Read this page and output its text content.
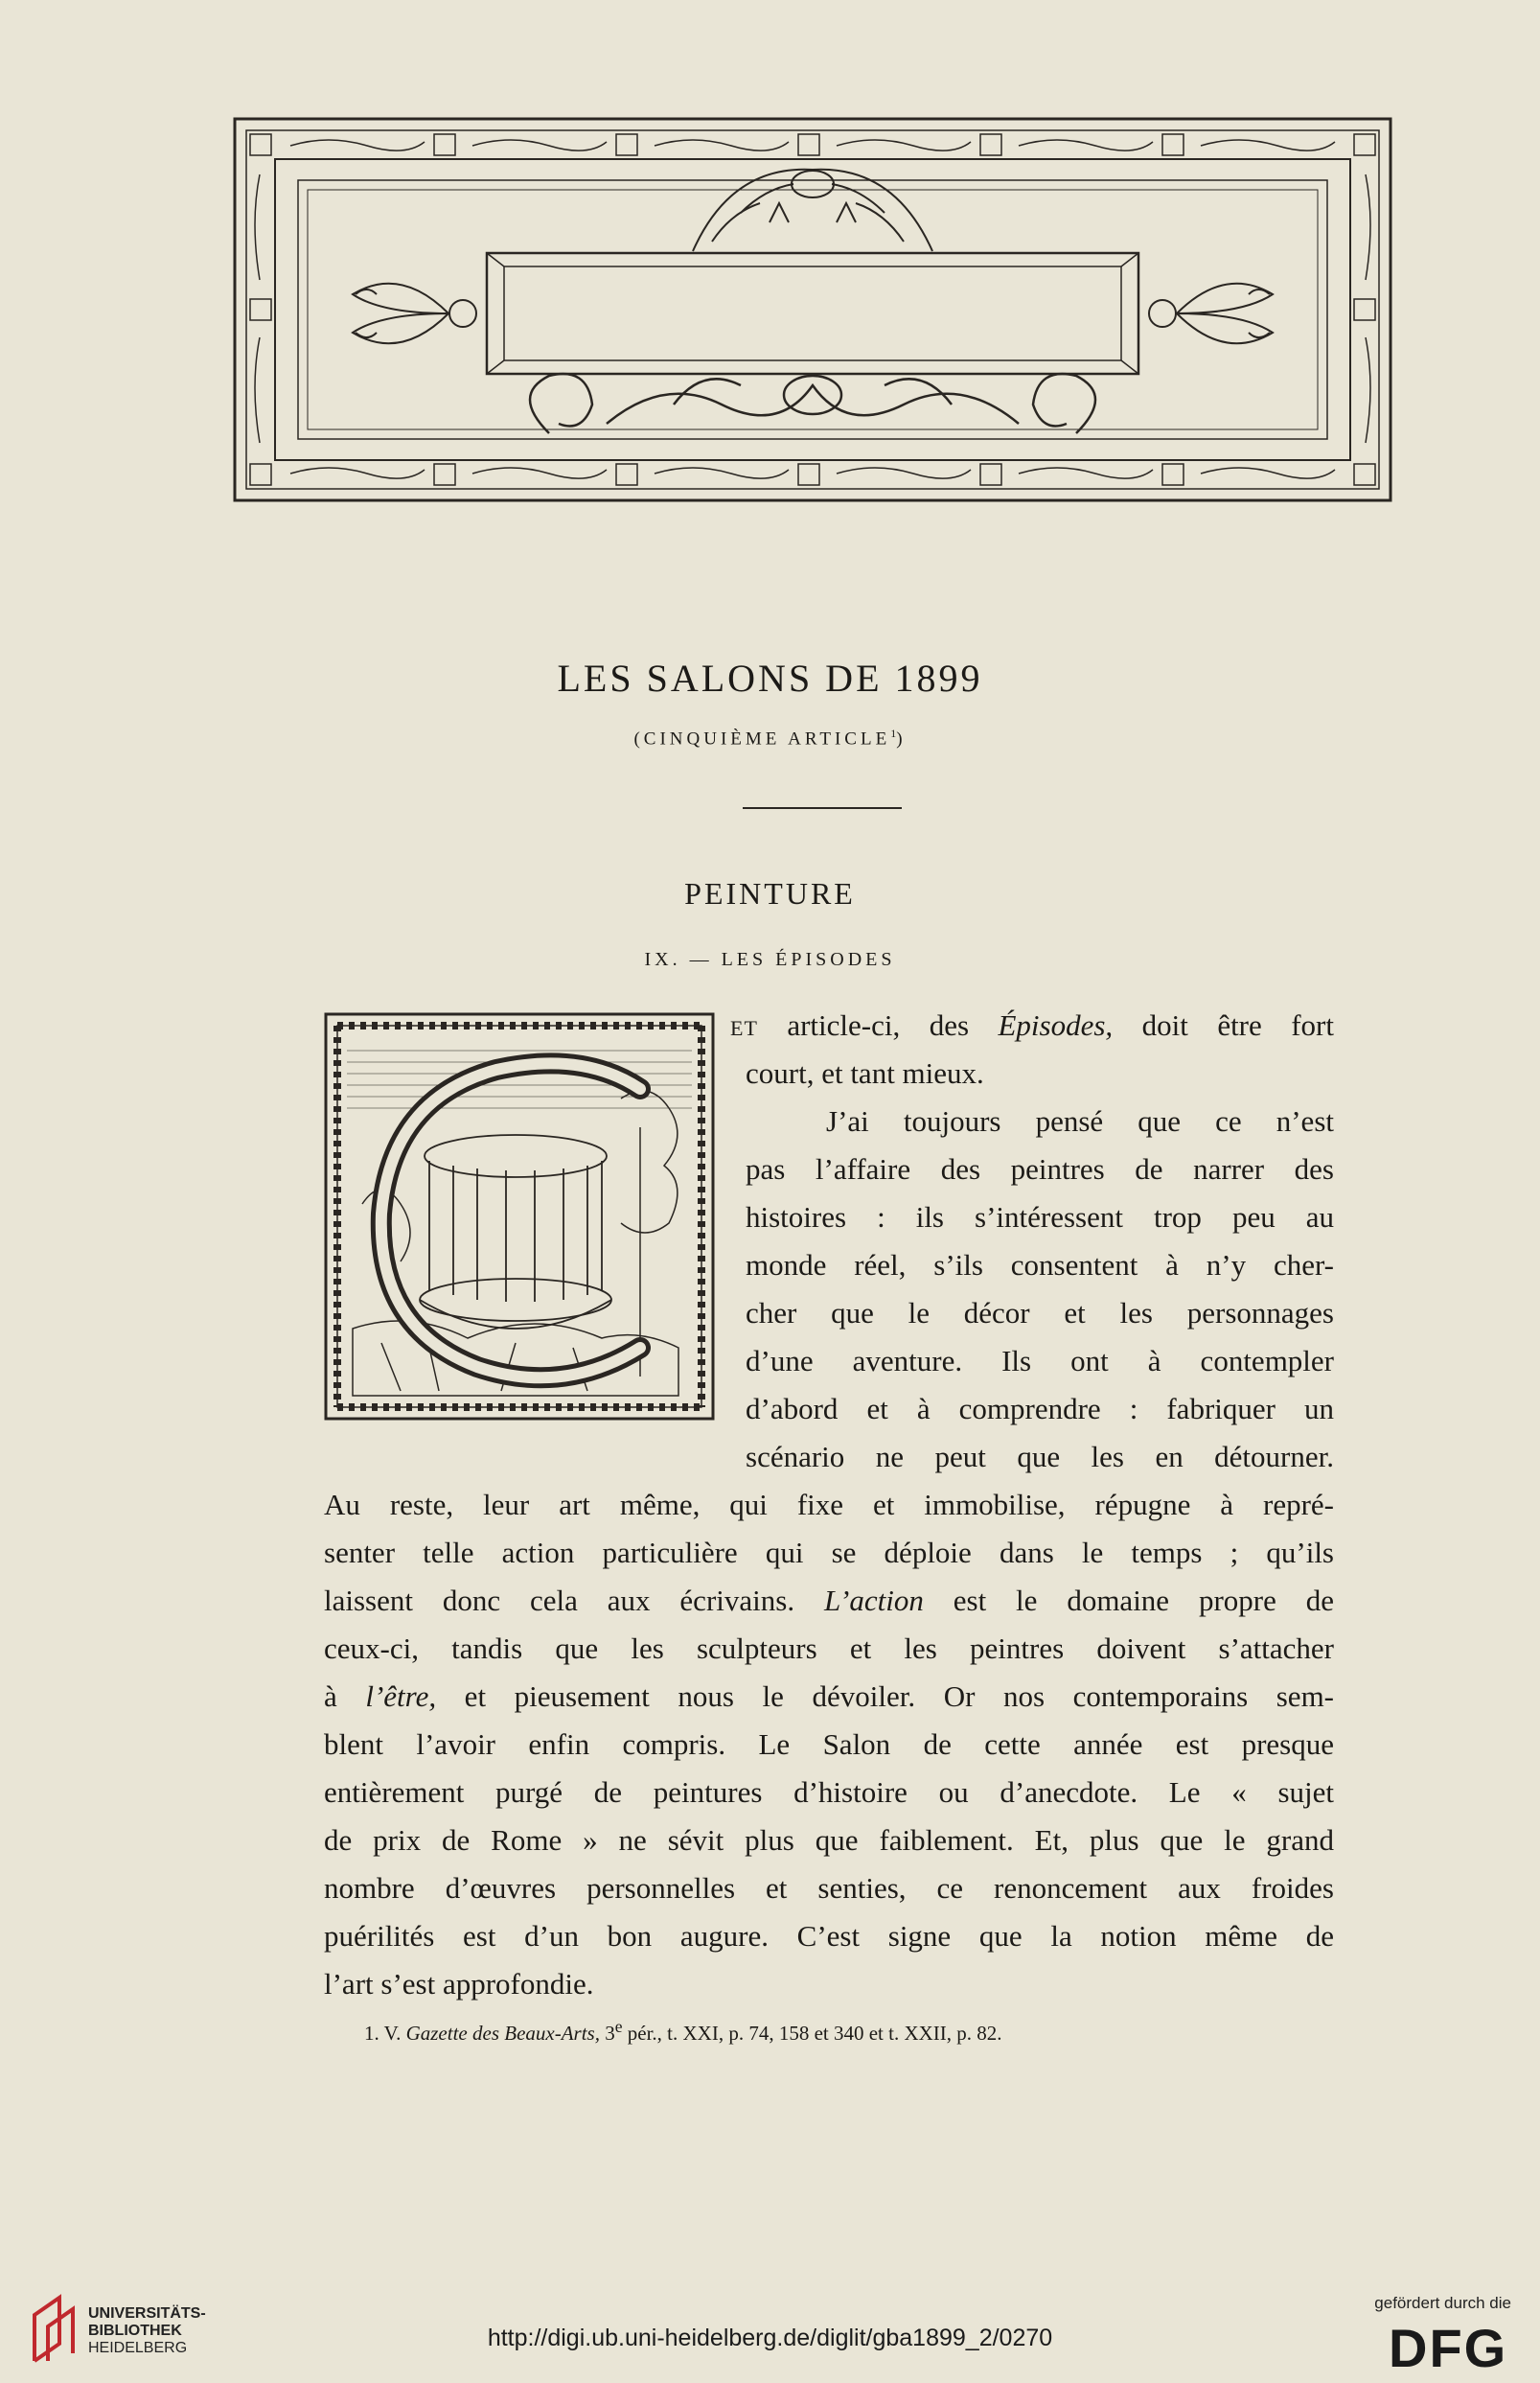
LES SALONS DE 1899
(CINQUIÈME ARTICLE$^1$)
PEINTURE
IX. — LES ÉPISODES
ET article-ci, des Épisodes, doit être fort
court, et tant mieux.
J’ai toujours pensé que ce n’est
pas l’affaire des peintres de narrer des
histoires : ils s’intéressent trop peu au
monde réel, s’ils consentent à n’y cher-
cher que le décor et les personnages
d’une aventure. Ils ont à contempler
d’abord et à comprendre : fabriquer un
scénario ne peut que les en détourner.
Au reste, leur art même, qui fixe et immobilise, répugne à repré-
senter telle action particulière qui se déploie dans le temps ; qu’ils
laissent donc cela aux écrivains. L’action est le domaine propre de
ceux-ci, tandis que les sculpteurs et les peintres doivent s’attacher
à l’être, et pieusement nous le dévoiler. Or nos contemporains sem-
blent l’avoir enfin compris. Le Salon de cette année est presque
entièrement purgé de peintures d’histoire ou d’anecdote. Le « sujet
de prix de Rome » ne sévit plus que faiblement. Et, plus que le grand
nombre d’œuvres personnelles et senties, ce renoncement aux froides
puérilités est d’un bon augure. C’est signe que la notion même de
l’art s’est approfondie.
1. V. Gazette des Beaux-Arts, 3e pér., t. XXI, p. 74, 158 et 340 et t. XXII, p. 82.
UNIVERSITÄTS-
BIBLIOTHEK
HEIDELBERG	http://digi.ub.uni-heidelberg.de/diglit/gba1899_2/0270
gefördert durch die
DFG
